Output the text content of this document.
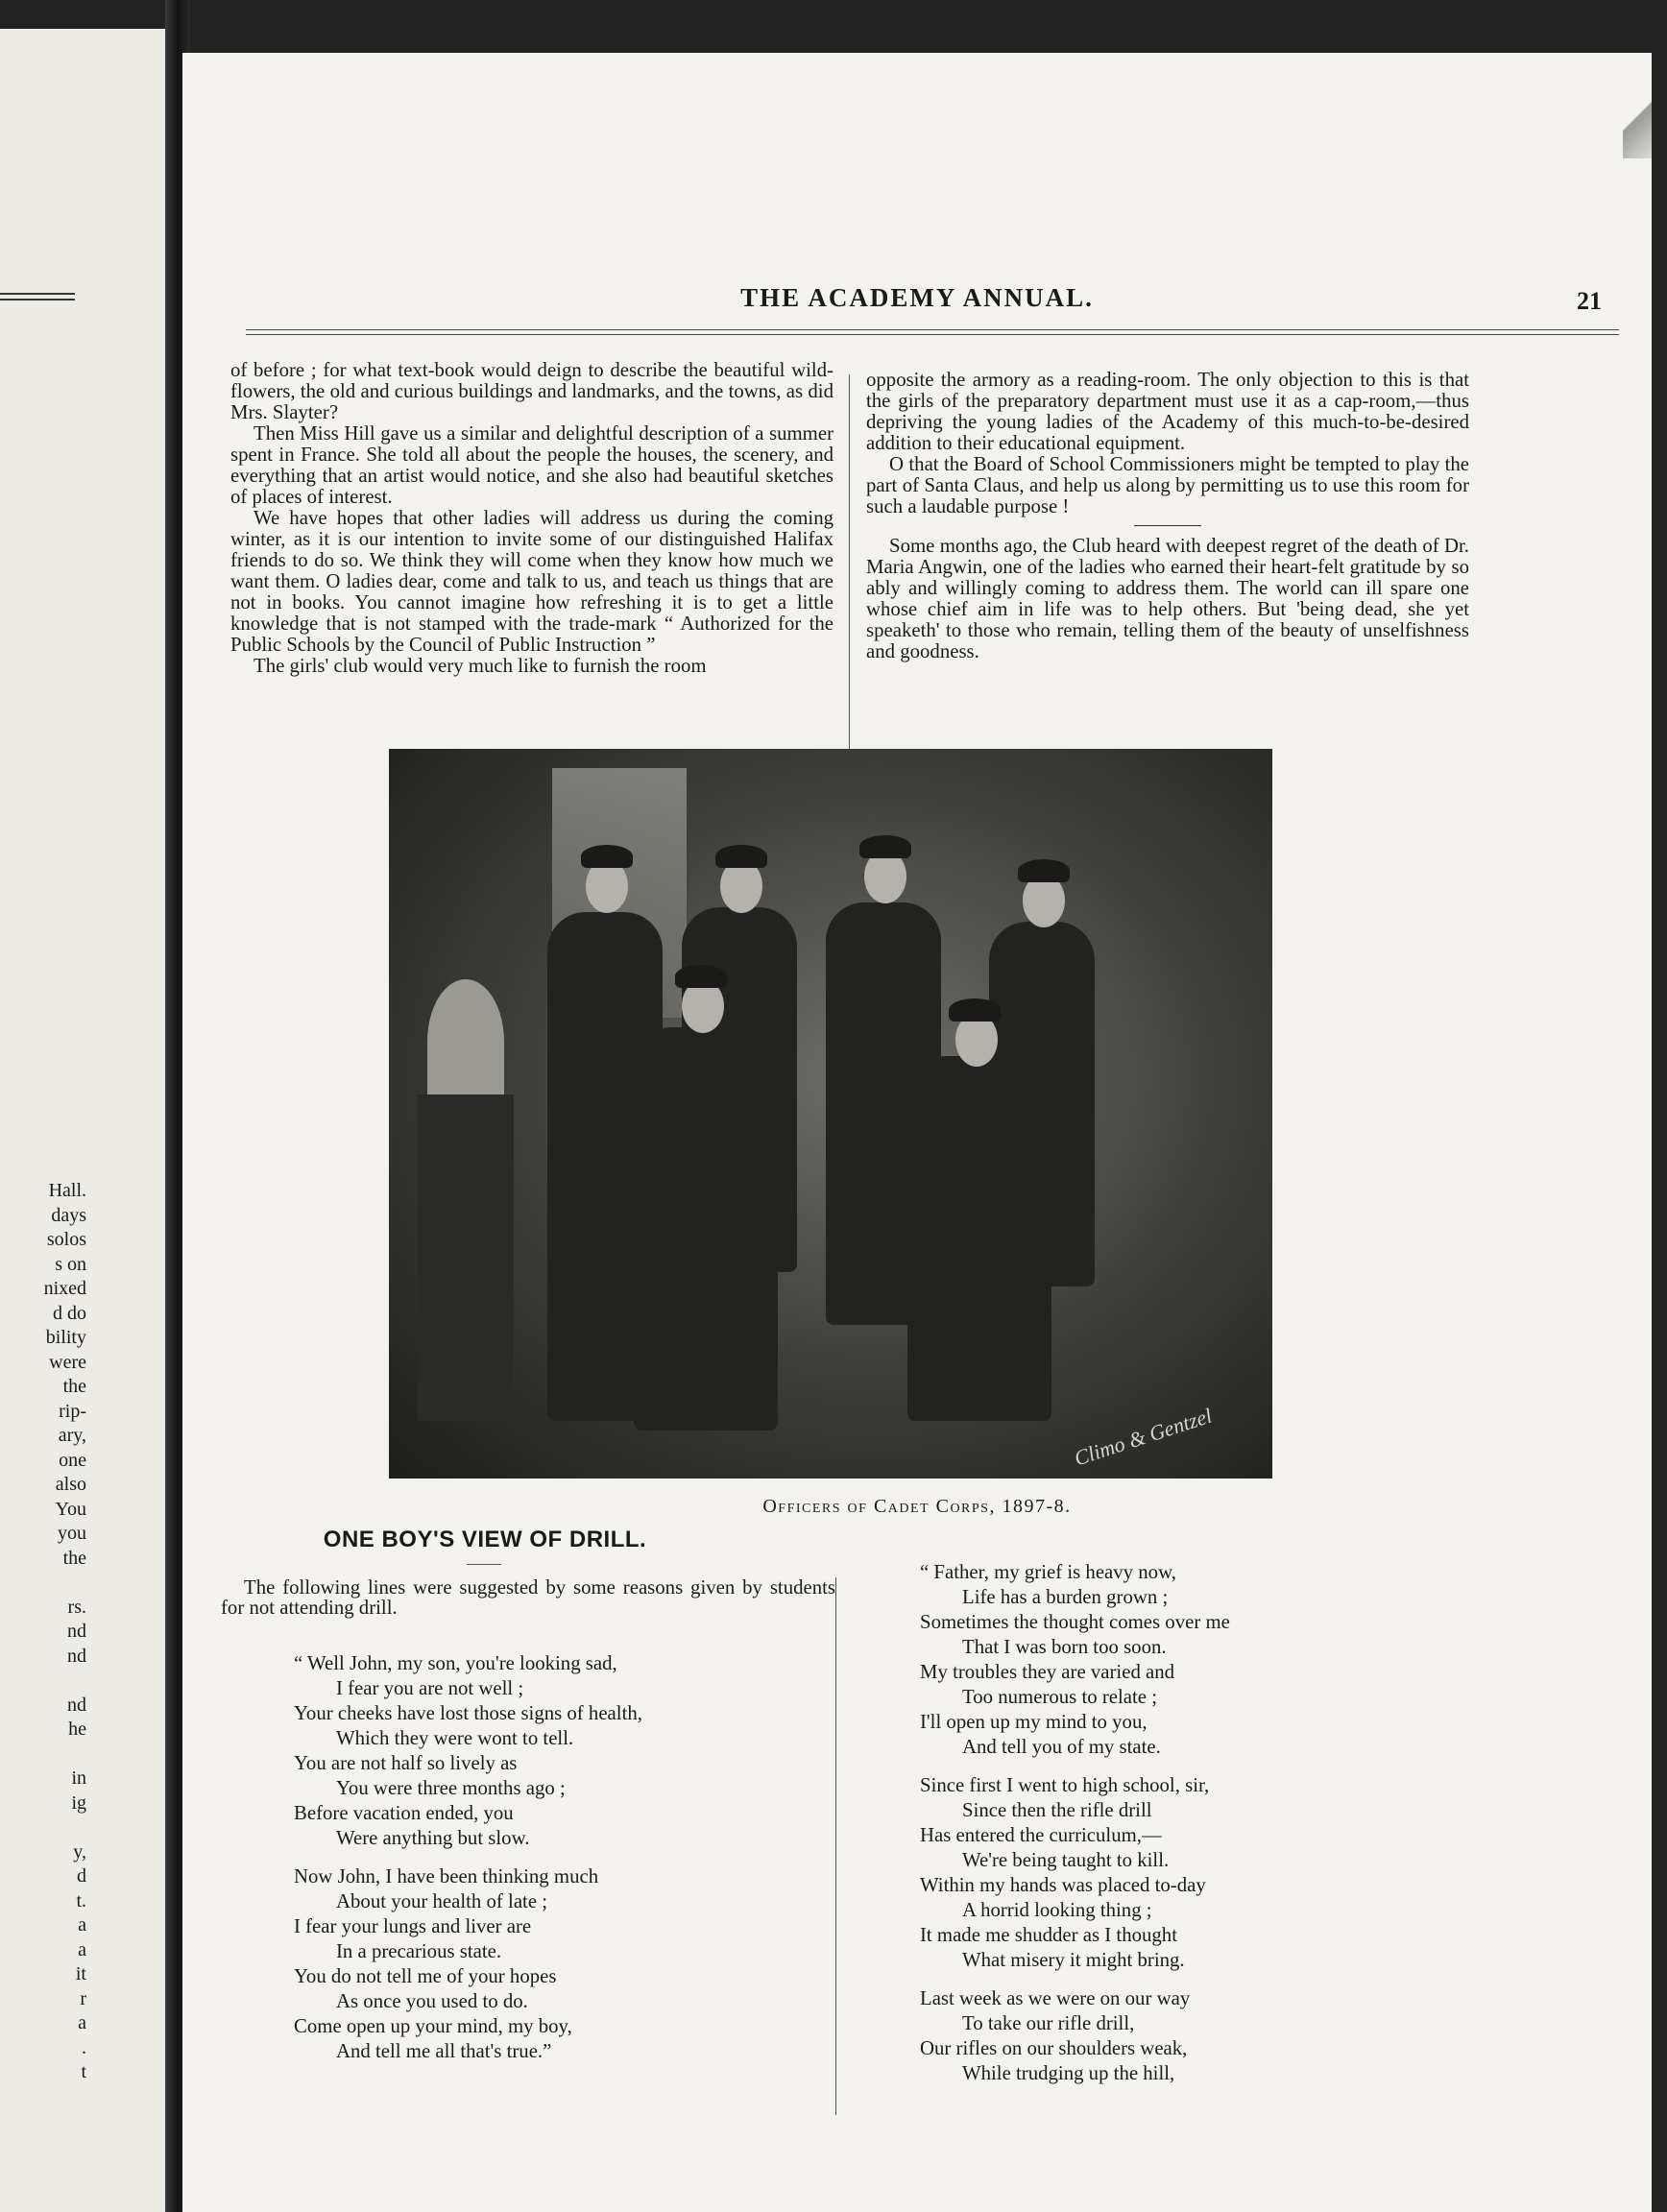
Hall.
days
solos
s on
nixed
d do
bility
were
the
rip-
ary,
one
also
You
you
the
rs.
nd
nd
nd
he
in
ig
y,
d
t.
a
a
it
r
a
.
t
THE ACADEMY ANNUAL.	21

of before ; for what text-book would deign to describe the beautiful wild-flowers, the old and curious buildings and landmarks, and the towns, as did Mrs. Slayter?

Then Miss Hill gave us a similar and delightful description of a summer spent in France. She told all about the people the houses, the scenery, and everything that an artist would notice, and she also had beautiful sketches of places of interest.

We have hopes that other ladies will address us during the coming winter, as it is our intention to invite some of our distinguished Halifax friends to do so. We think they will come when they know how much we want them. O ladies dear, come and talk to us, and teach us things that are not in books. You cannot imagine how refreshing it is to get a little knowledge that is not stamped with the trade-mark “ Authorized for the Public Schools by the Council of Public Instruction ”

The girls' club would very much like to furnish the room

opposite the armory as a reading-room. The only objection to this is that the girls of the preparatory department must use it as a cap-room,—thus depriving the young ladies of the Academy of this much-to-be-desired addition to their educational equipment.

O that the Board of School Commissioners might be tempted to play the part of Santa Claus, and help us along by permitting us to use this room for such a laudable purpose !

Some months ago, the Club heard with deepest regret of the death of Dr. Maria Angwin, one of the ladies who earned their heart-felt gratitude by so ably and willingly coming to address them. The world can ill spare one whose chief aim in life was to help others. But 'being dead, she yet speaketh' to those who remain, telling them of the beauty of unselfishness and goodness.

Climo & Gentzel
Officers of Cadet Corps, 1897-8.
ONE BOY'S VIEW OF DRILL.

The following lines were suggested by some reasons given by students for not attending drill.

“ Well John, my son, you're looking sad,
I fear you are not well ;
Your cheeks have lost those signs of health,
Which they were wont to tell.
You are not half so lively as
You were three months ago ;
Before vacation ended, you
Were anything but slow.
Now John, I have been thinking much
About your health of late ;
I fear your lungs and liver are
In a precarious state.
You do not tell me of your hopes
As once you used to do.
Come open up your mind, my boy,
And tell me all that's true.”
“ Father, my grief is heavy now,
Life has a burden grown ;
Sometimes the thought comes over me
That I was born too soon.
My troubles they are varied and
Too numerous to relate ;
I'll open up my mind to you,
And tell you of my state.
Since first I went to high school, sir,
Since then the rifle drill
Has entered the curriculum,—
We're being taught to kill.
Within my hands was placed to-day
A horrid looking thing ;
It made me shudder as I thought
What misery it might bring.
Last week as we were on our way
To take our rifle drill,
Our rifles on our shoulders weak,
While trudging up the hill,
